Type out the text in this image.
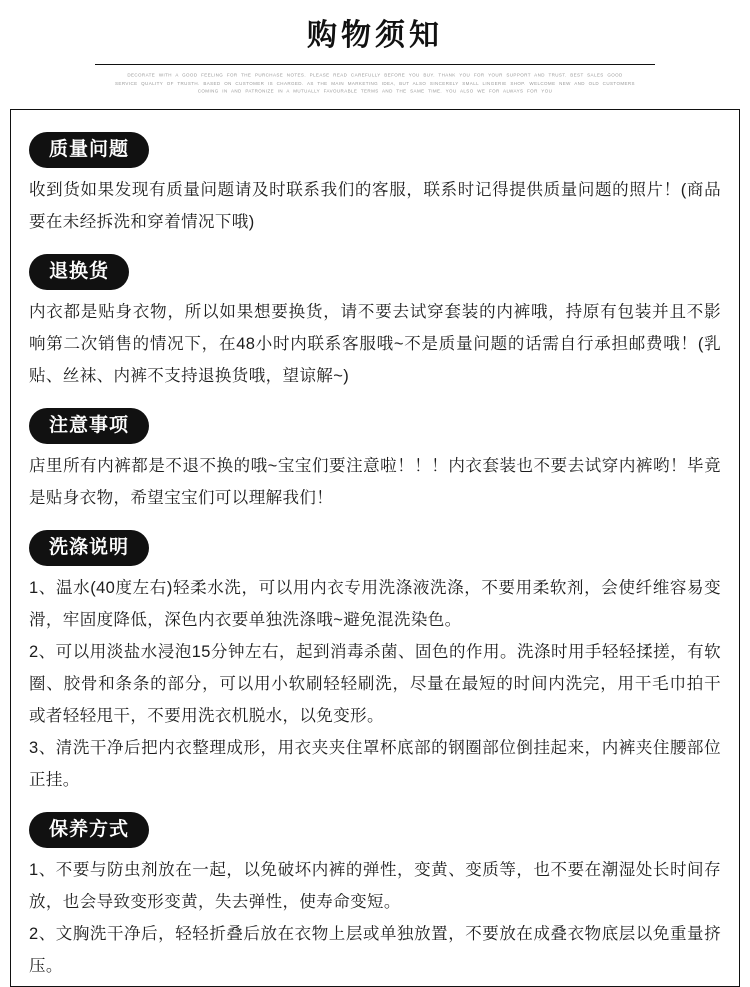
购物须知
DECORATE WITH A GOOD FEELING FOR THE PURCHASE NOTES. PLEASE READ CAREFULLY BEFORE YOU BUY. THANK YOU FOR YOUR SUPPORT AND TRUST. BEST SALES GOOD SERVICE QUALITY OF TRUSTH. BASED ON CUSTOMER IS CHARGED. AS THE MAIN MARKETING IDEA, BUT ALSO SINCERELY SMALL LINGERIE SHOP. WELCOME NEW AND OLD CUSTOMERS COMING IN AND PATRONIZE IN A MUTUALLY FAVOURABLE TERMS AND THE SAME TIME. YOU ALSO WE FOR ALWAYS FOR YOU
质量问题

收到货如果发现有质量问题请及时联系我们的客服，联系时记得提供质量问题的照片！(商品要在未经拆洗和穿着情况下哦)

退换货

内衣都是贴身衣物，所以如果想要换货，请不要去试穿套装的内裤哦，持原有包装并且不影响第二次销售的情况下，在48小时内联系客服哦~不是质量问题的话需自行承担邮费哦！(乳贴、丝袜、内裤不支持退换货哦，望谅解~)

注意事项

店里所有内裤都是不退不换的哦~宝宝们要注意啦！！！内衣套装也不要去试穿内裤哟！毕竟是贴身衣物，希望宝宝们可以理解我们！

洗涤说明

1、温水(40度左右)轻柔水洗，可以用内衣专用洗涤液洗涤，不要用柔软剂，会使纤维容易变滑，牢固度降低，深色内衣要单独洗涤哦~避免混洗染色。

2、可以用淡盐水浸泡15分钟左右，起到消毒杀菌、固色的作用。洗涤时用手轻轻揉搓，有软圈、胶骨和条条的部分，可以用小软刷轻轻刷洗，尽量在最短的时间内洗完，用干毛巾拍干或者轻轻甩干，不要用洗衣机脱水，以免变形。

3、清洗干净后把内衣整理成形，用衣夹夹住罩杯底部的钢圈部位倒挂起来，内裤夹住腰部位正挂。

保养方式

1、不要与防虫剂放在一起，以免破坏内裤的弹性，变黄、变质等，也不要在潮湿处长时间存放，也会导致变形变黄，失去弹性，使寿命变短。

2、文胸洗干净后，轻轻折叠后放在衣物上层或单独放置，不要放在成叠衣物底层以免重量挤压。
